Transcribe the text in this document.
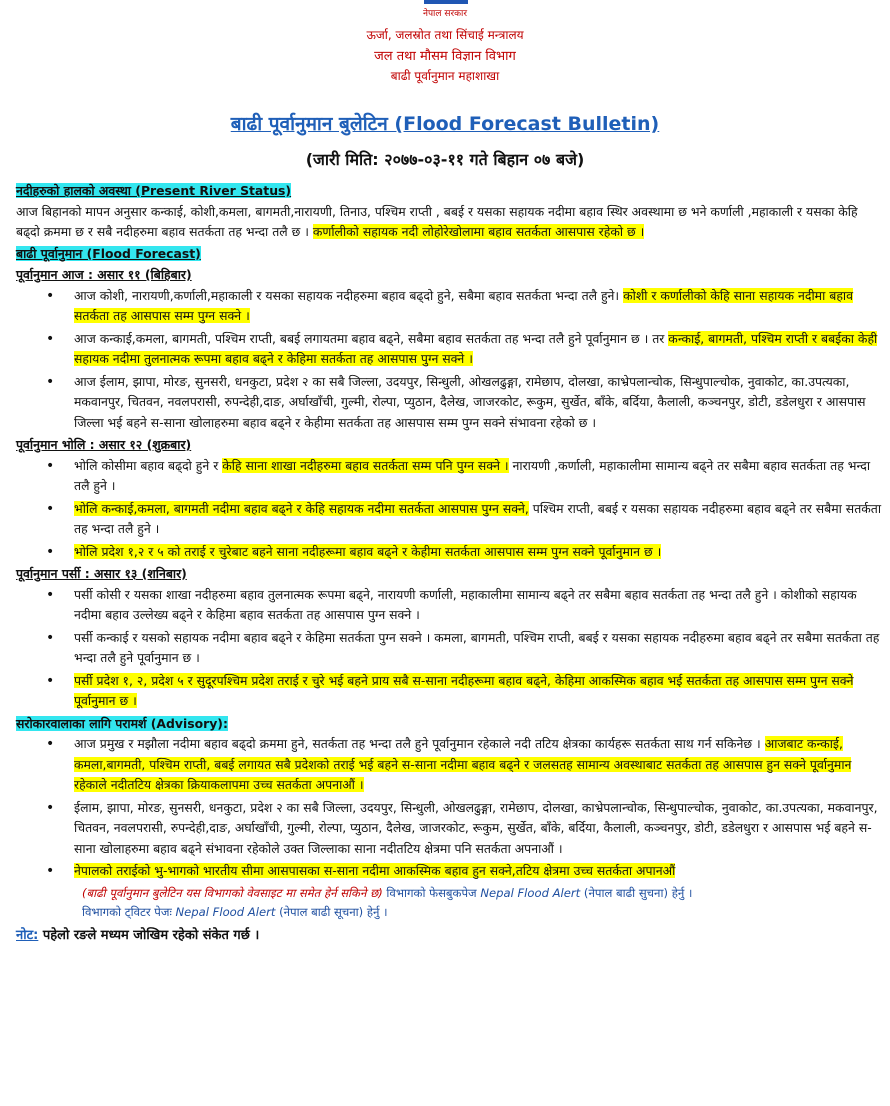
नेपाल सरकार
ऊर्जा, जलस्रोत तथा सिंचाई मन्त्रालय
जल तथा मौसम विज्ञान विभाग
बाढी पूर्वानुमान महाशाखा
बाढी पूर्वानुमान बुलेटिन (Flood Forecast Bulletin)
(जारी मिति: २०७७-०३-११ गते बिहान ०७ बजे)
नदीहरुको हालको अवस्था (Present River Status)

आज बिहानको मापन अनुसार कन्काई, कोशी,कमला, बागमती,नारायणी, तिनाउ, पश्चिम राप्ती , बबई र यसका सहायक नदीमा बहाव स्थिर अवस्थामा छ भने कर्णाली ,महाकाली र यसका केहि बढ्दो क्रममा छ र सबै नदीहरुमा बहाव सतर्कता तह भन्दा तलै छ । कर्णालीको सहायक नदी लोहोरेखोलामा बहाव सतर्कता आसपास रहेको छ ।

बाढी पूर्वानुमान (Flood Forecast)
पूर्वानुमान आज : असार ११ (बिहिबार)
• आज कोशी, नारायणी,कर्णाली,महाकाली र यसका सहायक नदीहरुमा बहाव बढ्दो हुने, सबैमा बहाव सतर्कता भन्दा तलै हुने। कोशी र कर्णालीको केहि साना सहायक नदीमा बहाव सतर्कता तह आसपास सम्म पुग्न सक्ने ।
• आज कन्काई,कमला, बागमती, पश्चिम राप्ती, बबई लगायतमा बहाव बढ्ने, सबैमा बहाव सतर्कता तह भन्दा तलै हुने पूर्वानुमान छ । तर कन्काई, बागमती, पश्चिम राप्ती र बबईका केही सहायक नदीमा तुलनात्मक रूपमा बहाव बढ्ने र केहिमा सतर्कता तह आसपास पुग्न सक्ने ।
• आज ईलाम, झापा, मोरङ, सुनसरी, धनकुटा, प्रदेश २ का सबै जिल्ला, उदयपुर, सिन्धुली, ओखलढुङ्गा, रामेछाप, दोलखा, काभ्रेपलान्चोक, सिन्धुपाल्चोक, नुवाकोट, का.उपत्यका, मकवानपुर, चितवन, नवलपरासी, रुपन्देही,दाङ, अर्घाखाँची, गुल्मी, रोल्पा, प्युठान, दैलेख, जाजरकोट, रूकुम, सुर्खेत, बाँके, बर्दिया, कैलाली, कञ्चनपुर, डोटी, डडेलधुरा र आसपास जिल्ला भई बहने स-साना खोलाहरुमा बहाव बढ्ने र केहीमा सतर्कता तह आसपास सम्म पुग्न सक्ने संभावना रहेको छ ।
पूर्वानुमान भोलि : असार १२ (शुक्रबार)
• भोलि कोसीमा बहाव बढ्दो हुने र केहि साना शाखा नदीहरुमा बहाव सतर्कता सम्म पनि पुग्न सक्ने । नारायणी ,कर्णाली, महाकालीमा सामान्य बढ्ने तर सबैमा बहाव सतर्कता तह भन्दा तलै हुने ।
• भोलि कन्काई,कमला, बागमती नदीमा बहाव बढ्ने र केहि सहायक नदीमा सतर्कता आसपास पुग्न सक्ने, पश्चिम राप्ती, बबई र यसका सहायक नदीहरुमा बहाव बढ्ने तर सबैमा सतर्कता तह भन्दा तलै हुने ।
• भोलि प्रदेश १,२ र ५ को तराई र चुरेबाट बहने साना नदीहरूमा बहाव बढ्ने र केहीमा सतर्कता आसपास सम्म पुग्न सक्ने पूर्वानुमान छ ।
पूर्वानुमान पर्सी : असार १३ (शनिबार)
• पर्सी कोसी र यसका शाखा नदीहरुमा बहाव तुलनात्मक रूपमा बढ्ने, नारायणी कर्णाली, महाकालीमा सामान्य बढ्ने तर सबैमा बहाव सतर्कता तह भन्दा तलै हुने । कोशीको सहायक नदीमा बहाव उल्लेख्य बढ्ने र केहिमा बहाव सतर्कता तह आसपास पुग्न सक्ने ।
• पर्सी कन्काई र यसको सहायक नदीमा बहाव बढ्ने र केहिमा सतर्कता पुग्न सक्ने । कमला, बागमती, पश्चिम राप्ती, बबई र यसका सहायक नदीहरुमा बहाव बढ्ने तर सबैमा सतर्कता तह भन्दा तलै हुने पूर्वानुमान छ ।
• पर्सी प्रदेश १, २, प्रदेश ५ र सुदूरपश्चिम प्रदेश तराई र चुरे भई बहने प्राय सबै स-साना नदीहरूमा बहाव बढ्ने, केहिमा आकस्मिक बहाव भई सतर्कता तह आसपास सम्म पुग्न सक्ने पूर्वानुमान छ ।
सरोकारवालाका लागि परामर्श (Advisory):
• आज प्रमुख र मझौला नदीमा बहाव बढ्दो क्रममा हुने, सतर्कता तह भन्दा तलै हुने पूर्वानुमान रहेकाले नदी तटिय क्षेत्रका कार्यहरू सतर्कता साथ गर्न सकिनेछ । आजबाट कन्काई, कमला,बागमती, पश्चिम राप्ती, बबई लगायत सबै प्रदेशको तराई भई बहने स-साना नदीमा बहाव बढ्ने र जलसतह सामान्य अवस्थाबाट सतर्कता तह आसपास हुन सक्ने पूर्वानुमान रहेकाले नदीतटिय क्षेत्रका क्रियाकलापमा उच्च सतर्कता अपनाऔं ।
• ईलाम, झापा, मोरङ, सुनसरी, धनकुटा, प्रदेश २ का सबै जिल्ला, उदयपुर, सिन्धुली, ओखलढुङ्गा, रामेछाप, दोलखा, काभ्रेपलान्चोक, सिन्धुपाल्चोक, नुवाकोट, का.उपत्यका, मकवानपुर, चितवन, नवलपरासी, रुपन्देही,दाङ, अर्घाखाँची, गुल्मी, रोल्पा, प्युठान, दैलेख, जाजरकोट, रूकुम, सुर्खेत, बाँके, बर्दिया, कैलाली, कञ्चनपुर, डोटी, डडेलधुरा र आसपास भई बहने स-साना खोलाहरुमा बहाव बढ्ने संभावना रहेकोले उक्त जिल्लाका साना नदीतटिय क्षेत्रमा पनि सतर्कता अपनाऔं ।
• नेपालको तराईको भु-भागको भारतीय सीमा आसपासका स-साना नदीमा आकस्मिक बहाव हुन सक्ने,तटिय क्षेत्रमा उच्च सतर्कता अपानऔं
(बाढी पूर्वानुमान बुलेटिन यस विभागको वेवसाइट मा समेत हेर्न सकिने छ) विभागको फेसबुकपेज Nepal Flood Alert (नेपाल बाढी सुचना) हेर्नु ।
विभागको ट्विटर पेजः Nepal Flood Alert (नेपाल बाढी सूचना) हेर्नु ।
नोट: पहेलो रङले मध्यम जोखिम रहेको संकेत गर्छ ।
